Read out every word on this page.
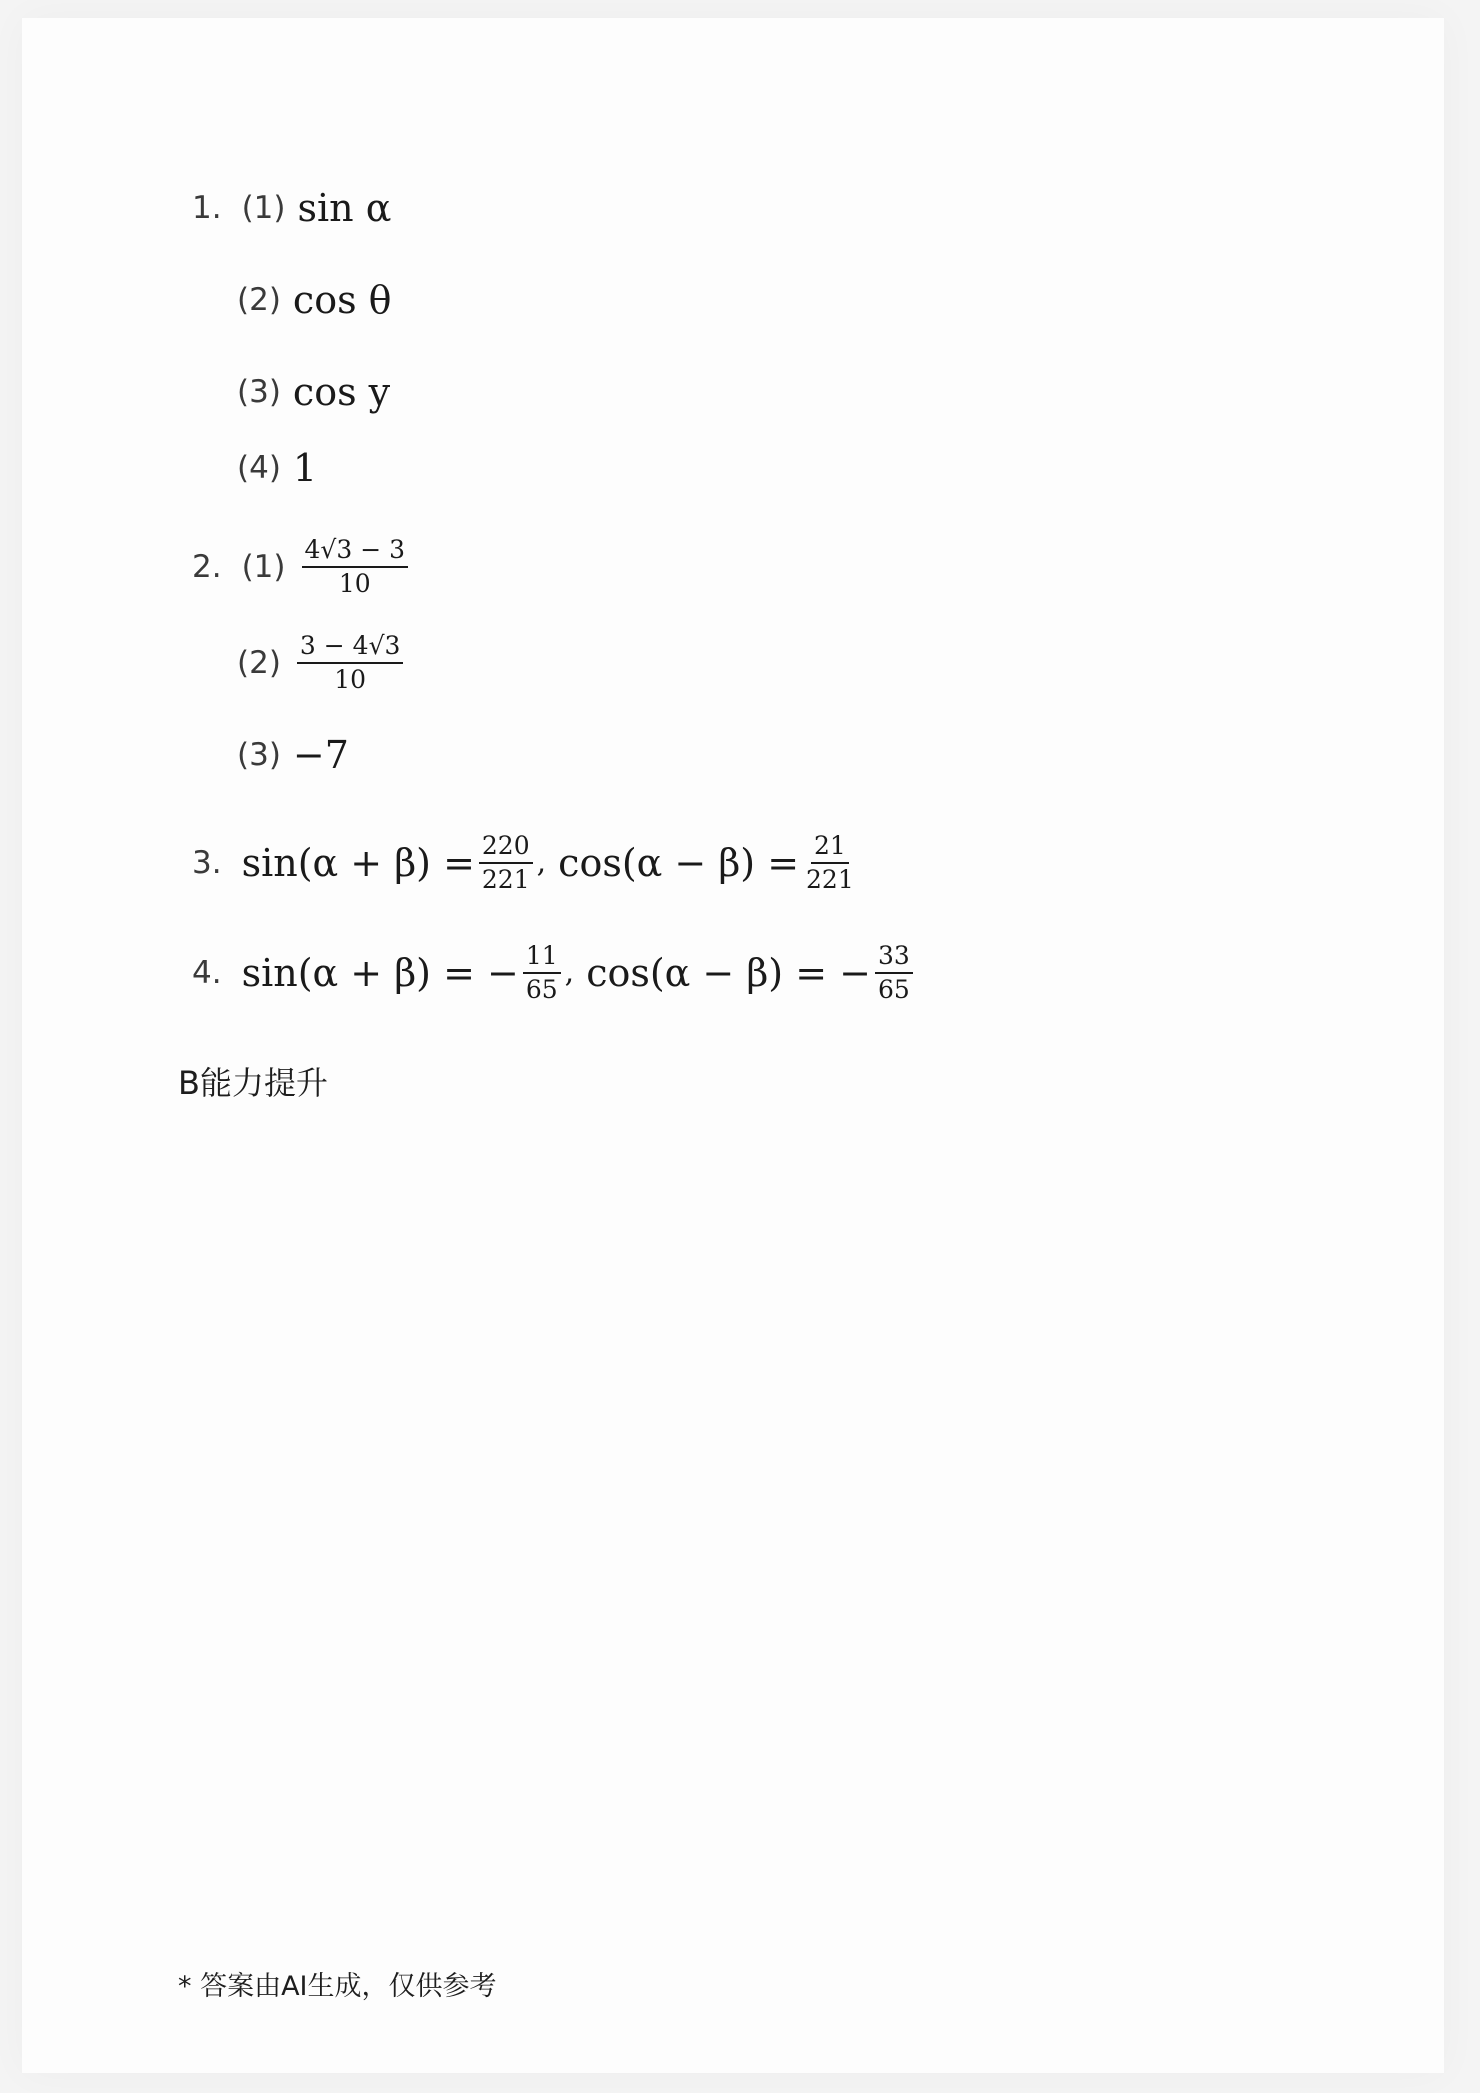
1. (1) sin α
(2) cos θ
(3) cos y
(4) 1
2. $(1) \frac{4√3 - 3}{10}$
$(2) \frac{3 - 4√3}{10}$
(3) −7
3. $\sin(\alpha + \beta) = \frac{220}{221}$ , $\cos(\alpha - \beta) = \frac{21}{221}$
4. sin(α + β) = − $\frac{11}{65}$ , cos(α − β) = − $\frac{33}{65}$
B能力提升
* 答案由AI生成，仅供参考
